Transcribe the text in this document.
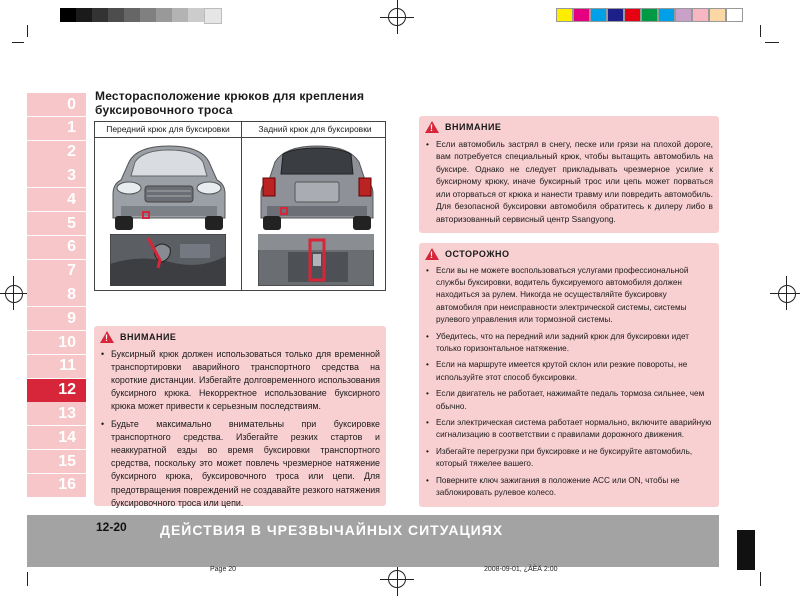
0
1
2
3
4
5
6
7
8
9
10
11
12
13
14
15
16
Месторасположение крюков для крепления буксировочного троса
Передний крюк для буксировки	Задний крюк для буксировки
! ВНИМАНИЕ
• Буксирный крюк должен использоваться только для временной транспортировки аварийного транспортного средства на короткие дистанции. Избегайте долговременного использования буксирного крюка. Некорректное использование буксирного крюка может привести к серьезным последствиям.
• Будьте максимально внимательны при буксировке транспортного средства. Избегайте резких стартов и неаккуратной езды во время буксировки транспортного средства, поскольку это может повлечь чрезмерное натяжение буксирного крюка, буксировочного троса или цепи. Для предотвращения повреждений не создавайте резкого натяжения буксировочного троса или цепи.
! ВНИМАНИЕ
• Если автомобиль застрял в снегу, песке или грязи на плохой дороге, вам потребуется специальный крюк, чтобы вытащить автомобиль на буксире. Однако не следует прикладывать чрезмерное усилие к буксирному крюку, иначе буксирный трос или цепь может порваться или оторваться от крюка и нанести травму или повредить автомобиль. Для безопасной буксировки автомобиля обратитесь к дилеру либо в авторизованный сервисный центр Ssangyong.
! ОСТОРОЖНО
• Если вы не можете воспользоваться услугами профессиональной службы буксировки, водитель буксируемого автомобиля должен находиться за рулем. Никогда не осуществляйте буксировку автомобиля при неисправности электрической системы, системы рулевого управления или тормозной системы.
• Убедитесь, что на передний или задний крюк для буксировки идет только горизонтальное натяжение.
• Если на маршруте имеется крутой склон или резкие повороты, не используйте этот способ буксировки.
• Если двигатель не работает, нажимайте педаль тормоза сильнее, чем обычно.
• Если электрическая система работает нормально, включите аварийную сигнализацию в соответствии с правилами дорожного движения.
• Избегайте перегрузки при буксировке и не буксируйте автомобиль, который тяжелее вашего.
• Поверните ключ зажигания в положение ACC или ON, чтобы не заблокировать рулевое колесо.
12-20 ДЕЙСТВИЯ В ЧРЕЗВЫЧАЙНЫХ СИТУАЦИЯХ
Page 20	2008-09-01, ¿ÀÈÄ 2:00
